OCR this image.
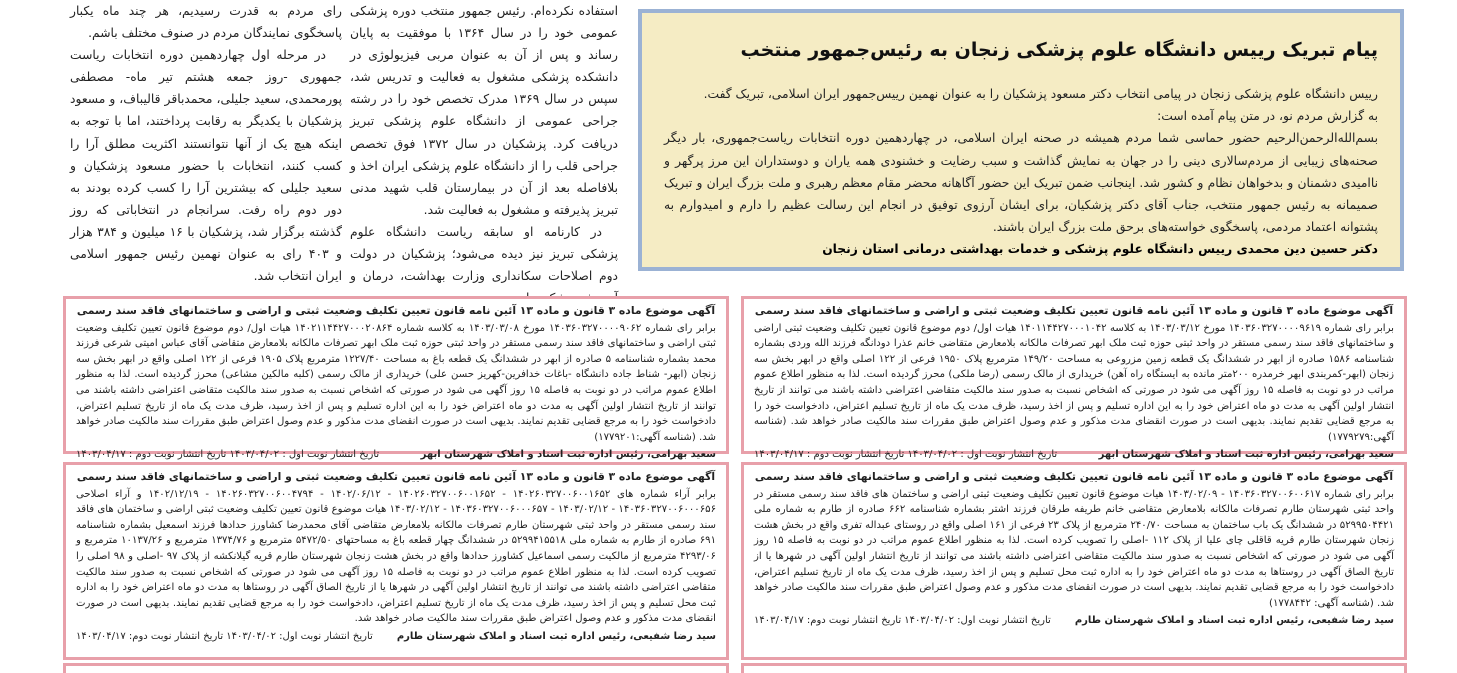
رای مردم به قدرت رسیدیم، هر چند ماه یکبار پاسخگوی نمایندگان مردم در صنوف مختلف باشم.

در مرحله اول چهاردهمین دوره انتخابات ریاست جمهوری -روز جمعه هشتم تیر ماه- مصطفی پورمحمدی، سعید جلیلی، محمدباقر قالیباف، و مسعود پزشکیان با یکدیگر به رقابت پرداختند، اما با توجه به اینکه هیچ یک از آنها نتوانستند اکثریت مطلق آرا را کسب کنند، انتخابات با حضور مسعود پزشکیان و سعید جلیلی که بیشترین آرا را کسب کرده بودند به دور دوم راه رفت. سرانجام در انتخاباتی که روز گذشته برگزار شد، پزشکیان با ۱۶ میلیون و ۳۸۴ هزار و ۴۰۳ رای به عنوان نهمین رئیس جمهور اسلامی ایران انتخاب شد.

استفاده نکرده‌ام. رئیس جمهور منتخب دوره پزشکی عمومی خود را در سال ۱۳۶۴ با موفقیت به پایان رساند و پس از آن به عنوان مربی فیزیولوژی در دانشکده پزشکی مشغول به فعالیت و تدریس شد، سپس در سال ۱۳۶۹ مدرک تخصص خود را در رشته جراحی عمومی از دانشگاه علوم پزشکی تبریز دریافت کرد. پزشکیان در سال ۱۳۷۲ فوق تخصص جراحی قلب را از دانشگاه علوم پزشکی ایران اخذ و بلافاصله بعد از آن در بیمارستان قلب شهید مدنی تبریز پذیرفته و مشغول به فعالیت شد.

در کارنامه او سابقه ریاست دانشگاه علوم پزشکی تبریز نیز دیده می‌شود؛ پزشکیان در دولت دوم اصلاحات سکانداری وزارت بهداشت، درمان و

پیام تبریک رییس دانشگاه علوم پزشکی زنجان به رئیس‌جمهور منتخب

رییس دانشگاه علوم پزشکی زنجان در پیامی انتخاب دکتر مسعود پزشکیان را به عنوان نهمین رییس‌جمهور ایران اسلامی، تبریک گفت.

به گزارش مردم نو، در متن پیام آمده است:

بسم‌الله‌الرحمن‌الرحیم حضور حماسی شما مردم همیشه در صحنه ایران اسلامی، در چهاردهمین دوره انتخابات ریاست‌جمهوری، بار دیگر صحنه‌های زیبایی از مردم‌سالاری دینی را در جهان به نمایش گذاشت و سبب رضایت و خشنودی همه یاران و دوستداران این مرز پرگهر و ناامیدی دشمنان و بدخواهان نظام و کشور شد. اینجانب ضمن تبریک این حضور آگاهانه محضر مقام معظم رهبری و ملت بزرگ ایران و تبریک صمیمانه به رئیس جمهور منتخب، جناب آقای دکتر پزشکیان، برای ایشان آرزوی توفیق در انجام این رسالت عظیم را دارم و امیدوارم به پشتوانه اعتماد مردمی، پاسخگوی خواسته‌های برحق ملت بزرگ ایران باشند.

دکتر حسین دین محمدی رییس دانشگاه علوم پزشکی و خدمات بهداشتی درمانی استان زنجان

آگهی موضوع ماده ۳ قانون و ماده ۱۳ آئین نامه قانون تعیین تکلیف وضعیت ثبتی و اراضی و ساختمانهای فاقد سند رسمی
برابر رای شماره ۱۴۰۳۶۰۳۲۷۰۰۰۰۹۶۱۹ مورخ ۱۴۰۳/۰۳/۱۲ به کلاسه ۱۴۰۱۱۴۴۲۷۰۰۰۱۰۴۲ هیات اول/ دوم موضوع قانون تعیین تکلیف وضعیت ثبتی اراضی و ساختمانهای فاقد سند رسمی مستقر در واحد ثبتی حوزه ثبت ملک ابهر تصرفات مالکانه بلامعارض متقاضی خانم عذرا دودانگه فرزند الله وردی بشماره شناسنامه ۱۵۸۶ صادره از ابهر در ششدانگ یک قطعه زمین مزروعی به مساحت ۱۴۹/۲۰ مترمربع پلاک ۱۹۵۰ فرعی از ۱۲۲ اصلی واقع در ابهر بخش سه زنجان (ابهر-کمربندی ابهر خرمدره ۲۰۰متر مانده به ایستگاه راه آهن) خریداری از مالک رسمی (رضا ملکی) محرز گردیده است. لذا به منظور اطلاع عموم مراتب در دو نوبت به فاصله ۱۵ روز آگهی می شود در صورتی که اشخاص نسبت به صدور سند مالکیت متقاضی اعتراضی داشته باشند می توانند از تاریخ انتشار اولین آگهی به مدت دو ماه اعتراض خود را به این اداره تسلیم و پس از اخذ رسید، ظرف مدت یک ماه از تاریخ تسلیم اعتراض، دادخواست خود را به مرجع قضایی تقدیم نمایند. بدیهی است در صورت انقضای مدت مذکور و عدم وصول اعتراض طبق مقررات سند مالکیت صادر خواهد شد. (شناسه آگهی:۱۷۷۹۲۷۹)
سعید بهرامی، رئیس اداره ثبت اسناد و املاک شهرستان ابهر
تاریخ انتشار نوبت اول : ۱۴۰۳/۰۴/۰۲ تاریخ انتشار نوبت دوم : ۱۴۰۳/۰۴/۱۷
آگهی موضوع ماده ۳ قانون و ماده ۱۳ آئین نامه قانون تعیین تکلیف وضعیت ثبتی و اراضی و ساختمانهای فاقد سند رسمی
برابر رای شماره ۱۴۰۳۶۰۳۲۷۰۰۰۰۹۰۶۲ مورخ ۱۴۰۳/۰۳/۰۸ به کلاسه شماره ۱۴۰۲۱۱۴۴۲۷۰۰۰۲۰۸۶۴ هیات اول/ دوم موضوع قانون تعیین تکلیف وضعیت ثبتی اراضی و ساختمانهای فاقد سند رسمی مستقر در واحد ثبتی حوزه ثبت ملک ابهر تصرفات مالکانه بلامعارض متقاضی آقای عباس امیتی شرعی فرزند محمد بشماره شناسنامه ۵ صادره از ابهر در ششدانگ یک قطعه باغ به مساحت ۱۲۲۷/۴۰ مترمربع پلاک ۱۹۰۵ فرعی از ۱۲۲ اصلی واقع در ابهر بخش سه زنجان (ابهر- شناط جاده دانشگاه -باغات خدافرین-کهریز حسن علی) خریداری از مالک رسمی (کلبه مالکین مشاعی) محرز گردیده است. لذا به منظور اطلاع عموم مراتب در دو نوبت به فاصله ۱۵ روز آگهی می شود در صورتی که اشخاص نسبت به صدور سند مالکیت متقاضی اعتراضی داشته باشند می توانند از تاریخ انتشار اولین آگهی به مدت دو ماه اعتراض خود را به این اداره تسلیم و پس از اخذ رسید، ظرف مدت یک ماه از تاریخ تسلیم اعتراض، دادخواست خود را به مرجع قضایی تقدیم نمایند. بدیهی است در صورت انقضای مدت مذکور و عدم وصول اعتراض طبق مقررات سند مالکیت صادر خواهد شد. (شناسه آگهی:۱۷۷۹۲۰۱)
سعید بهرامی، رئیس اداره ثبت اسناد و املاک شهرستان ابهر
تاریخ انتشار نوبت اول : ۱۴۰۳/۰۴/۰۲ تاریخ انتشار نوبت دوم : ۱۴۰۳/۰۴/۱۷
آگهی موضوع ماده ۳ قانون و ماده ۱۳ آئین نامه قانون تعیین تکلیف وضعیت ثبتی و اراضی و ساختمانهای فاقد سند رسمی
برابر رای شماره ۱۴۰۳۶۰۳۲۷۰۰۶۰۰۶۱۷ - ۱۴۰۳/۰۲/۰۹ هیات موضوع قانون تعیین تکلیف وضعیت ثبتی اراضی و ساختمان های فاقد سند رسمی مستقر در واحد ثبتی شهرستان طارم تصرفات مالکانه بلامعارض متقاضی خانم طریفه طرقان فرزند اشتر بشماره شناسنامه ۶۶۲ صادره از طارم به شماره ملی ۵۲۹۹۵۰۴۴۲۱ در ششدانگ یک باب ساختمان به مساحت ۲۴۰/۷۰ مترمربع از پلاک ۲۳ فرعی از ۱۶۱ اصلی واقع در روستای عبداله تفری واقع در بخش هشت زنجان شهرستان طارم قریه قاقلی چای علیا از پلاک ۱۱۲ -اصلی را تصویب کرده است. لذا به منظور اطلاع عموم مراتب در دو نوبت به فاصله ۱۵ روز آگهی می شود در صورتی که اشخاص نسبت به صدور سند مالکیت متقاضی اعتراضی داشته باشند می توانند از تاریخ انتشار اولین آگهی در شهرها یا از تاریخ الصاق آگهی در روستاها به مدت دو ماه اعتراض خود را به اداره ثبت محل تسلیم و پس از اخذ رسید، ظرف مدت یک ماه از تاریخ تسلیم اعتراض، دادخواست خود را به مرجع قضایی تقدیم نمایند. بدیهی است در صورت انقضای مدت مذکور و عدم وصول اعتراض طبق مقررات سند مالکیت صادر خواهد شد. (شناسه آگهی: ۱۷۷۸۴۴۲)
سید رضا شفیعی، رئیس اداره ثبت اسناد و املاک شهرستان طارم
تاریخ انتشار نوبت اول: ۱۴۰۳/۰۴/۰۲ تاریخ انتشار نوبت دوم: ۱۴۰۳/۰۴/۱۷
آگهی موضوع ماده ۳ قانون و ماده ۱۳ آئین نامه قانون تعیین تکلیف وضعیت ثبتی و اراضی و ساختمانهای فاقد سند رسمی
برابر آراء شماره های ۱۴۰۲۶۰۳۲۷۰۰۶۰۰۱۶۵۲ - ۱۴۰۲۶۰۳۲۷۰۰۶۰۰۱۶۵۲ - ۱۴۰۲/۰۶/۱۲ - ۱۴۰۲۶۰۳۲۷۰۰۶۰۰۴۷۹۴ - ۱۴۰۲/۱۲/۱۹ و آراء اصلاحی ۱۴۰۳۶۰۳۲۷۰۰۶۰۰۰۶۵۶ - ۱۴۰۳/۰۲/۱۲ - ۱۴۰۳۶۰۳۲۷۰۰۶۰۰۰۶۵۷ - ۱۴۰۳/۰۲/۱۲ هیات موضوع قانون تعیین تکلیف وضعیت ثبتی اراضی و ساختمان های فاقد سند رسمی مستقر در واحد ثبتی شهرستان طارم تصرفات مالکانه بلامعارض متقاضی آقای محمدرضا کشاورز حدادها فرزند اسمعیل بشماره شناسنامه ۶۹۱ صادره از طارم به شماره ملی ۵۲۹۹۴۱۵۵۱۸ در ششدانگ چهار قطعه باغ به مساحتهای ۵۴۷۲/۵۰ مترمربع و ۱۳۷۴/۷۶ مترمربع و ۱۰۱۳۷/۲۶ مترمربع و ۴۲۹۳/۰۶ مترمربع از مالکیت رسمی اسماعیل کشاورز حدادها واقع در بخش هشت زنجان شهرستان طارم قریه گیلانکشه از پلاک ۹۷ -اصلی و ۹۸ اصلی را تصویب کرده است. لذا به منظور اطلاع عموم مراتب در دو نوبت به فاصله ۱۵ روز آگهی می شود در صورتی که اشخاص نسبت به صدور سند مالکیت متقاضی اعتراضی داشته باشند می توانند از تاریخ انتشار اولین آگهی در شهرها یا از تاریخ الصاق آگهی در روستاها به مدت دو ماه اعتراض خود را به اداره ثبت محل تسلیم و پس از اخذ رسید، ظرف مدت یک ماه از تاریخ تسلیم اعتراض، دادخواست خود را به مرجع قضایی تقدیم نمایند. بدیهی است در صورت انقضای مدت مذکور و عدم وصول اعتراض طبق مقررات سند مالکیت صادر خواهد شد.
سید رضا شفیعی، رئیس اداره ثبت اسناد و املاک شهرستان طارم
تاریخ انتشار نوبت اول: ۱۴۰۳/۰۴/۰۲ تاریخ انتشار نوبت دوم: ۱۴۰۳/۰۴/۱۷
